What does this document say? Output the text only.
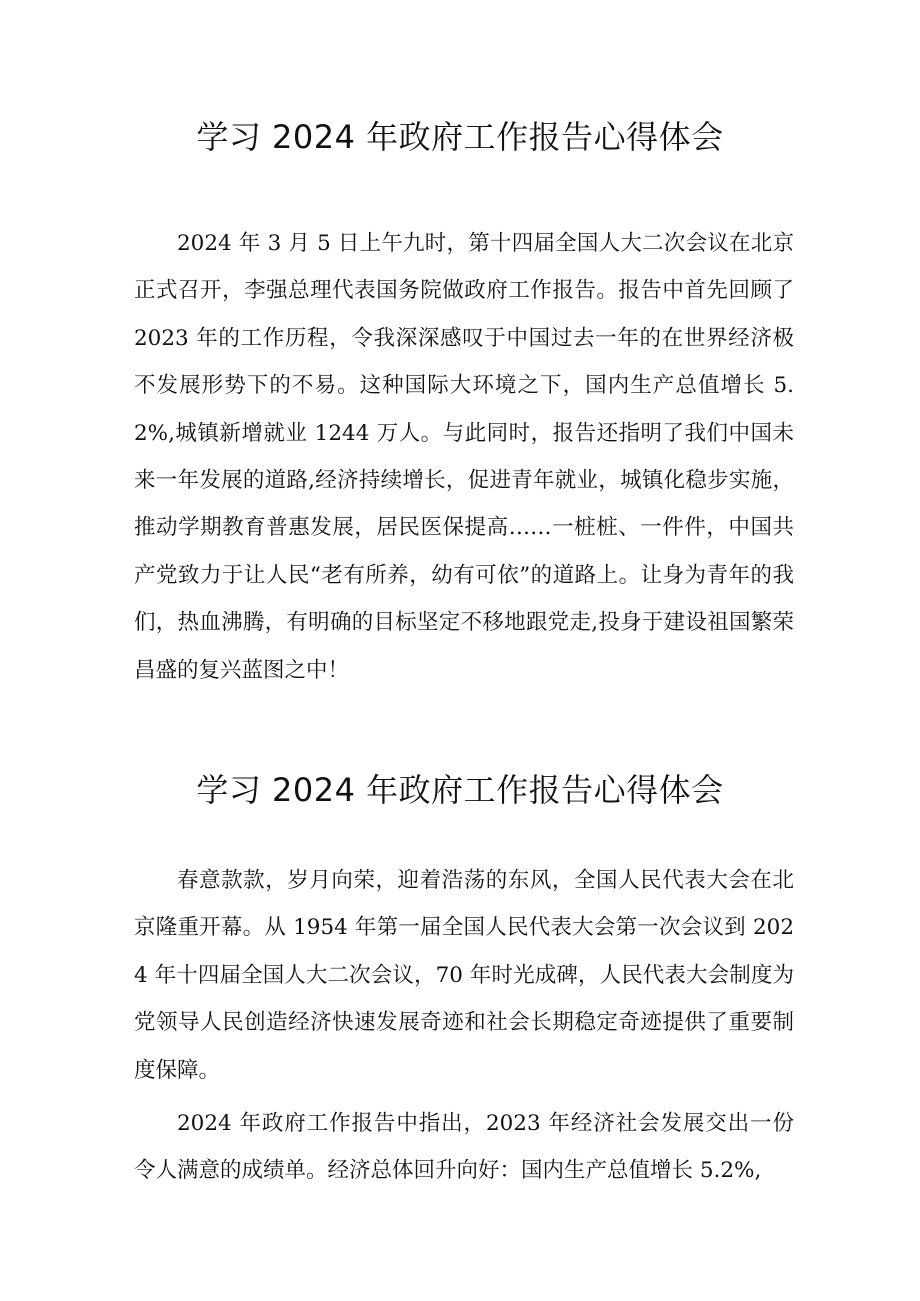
学习 2024 年政府工作报告心得体会

2024 年 3 月 5 日上午九时，第十四届全国人大二次会议在北京正式召开，李强总理代表国务院做政府工作报告。报告中首先回顾了 2023 年的工作历程，令我深深感叹于中国过去一年的在世界经济极不发展形势下的不易。这种国际大环境之下，国内生产总值增长 5.2%,城镇新增就业 1244 万人。与此同时，报告还指明了我们中国未来一年发展的道路,经济持续增长，促进青年就业，城镇化稳步实施，推动学期教育普惠发展，居民医保提高……一桩桩、一件件，中国共产党致力于让人民“老有所养，幼有可依”的道路上。让身为青年的我们，热血沸腾，有明确的目标坚定不移地跟党走,投身于建设祖国繁荣昌盛的复兴蓝图之中！

学习 2024 年政府工作报告心得体会

春意款款，岁月向荣，迎着浩荡的东风，全国人民代表大会在北京隆重开幕。从 1954 年第一届全国人民代表大会第一次会议到 2024 年十四届全国人大二次会议，70 年时光成碑，人民代表大会制度为党领导人民创造经济快速发展奇迹和社会长期稳定奇迹提供了重要制度保障。

2024 年政府工作报告中指出，2023 年经济社会发展交出一份令人满意的成绩单。经济总体回升向好：国内生产总值增长 5.2%,
